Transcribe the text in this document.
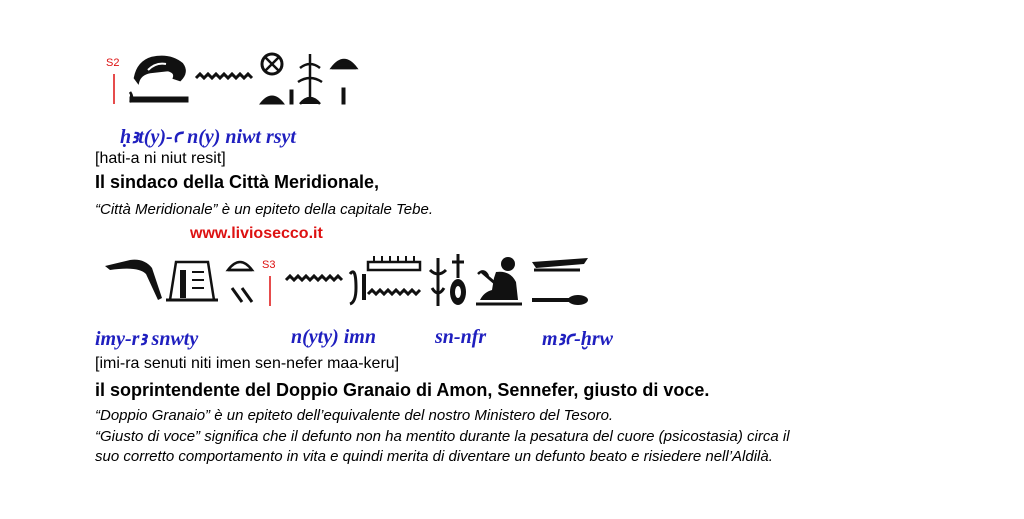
S2
ḥꜣt(y)-ꜥ n(y) niwt rsyt
[hati-a ni niut resit]
Il sindaco della Città Meridionale,
“Città Meridionale” è un epiteto della capitale Tebe.
www.liviosecco.it
S3
imy-rꜣ snwty	n(yty) imn	sn-nfr	mꜣꜥ-ḫrw
[imi-ra senuti niti imen sen-nefer maa-keru]
il soprintendente del Doppio Granaio di Amon, Sennefer, giusto di voce.
“Doppio Granaio” è un epiteto dell’equivalente del nostro Ministero del Tesoro.
“Giusto di voce” significa che il defunto non ha mentito durante la pesatura del cuore (psicostasia) circa il
suo corretto comportamento in vita e quindi merita di diventare un defunto beato e risiedere nell’Aldilà.
